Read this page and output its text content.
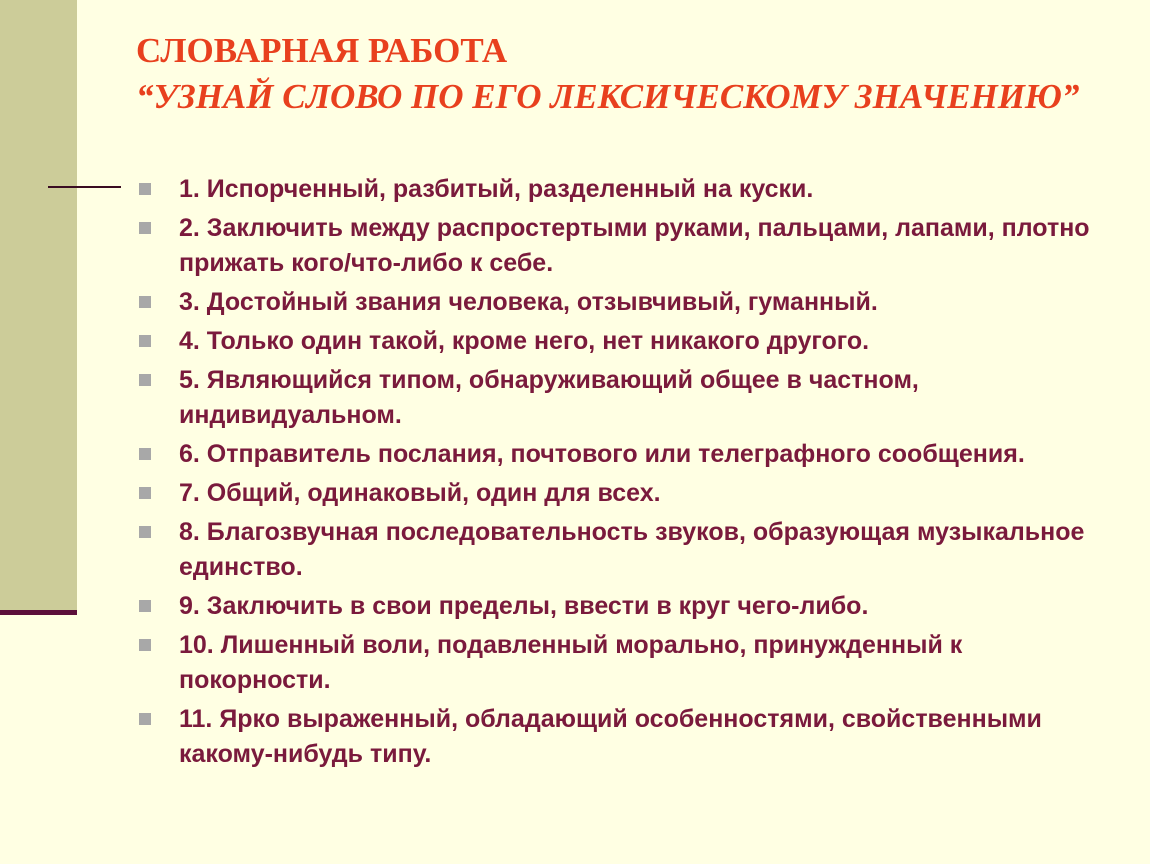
СЛОВАРНАЯ РАБОТА
“УЗНАЙ СЛОВО ПО ЕГО ЛЕКСИЧЕСКОМУ ЗНАЧЕНИЮ”
1. Испорченный, разбитый, разделенный на куски.
2. Заключить между распростертыми руками, пальцами, лапами, плотно прижать кого/что-либо к себе.
3. Достойный звания человека, отзывчивый, гуманный.
4. Только один такой, кроме него, нет никакого другого.
5. Являющийся типом, обнаруживающий общее в частном, индивидуальном.
6. Отправитель послания, почтового или телеграфного сообщения.
7. Общий, одинаковый, один для всех.
8. Благозвучная последовательность звуков, образующая музыкальное единство.
9. Заключить в свои пределы, ввести в круг чего-либо.
10. Лишенный воли, подавленный морально, принужденный к покорности.
11. Ярко выраженный, обладающий особенностями, свойственными какому-нибудь типу.
